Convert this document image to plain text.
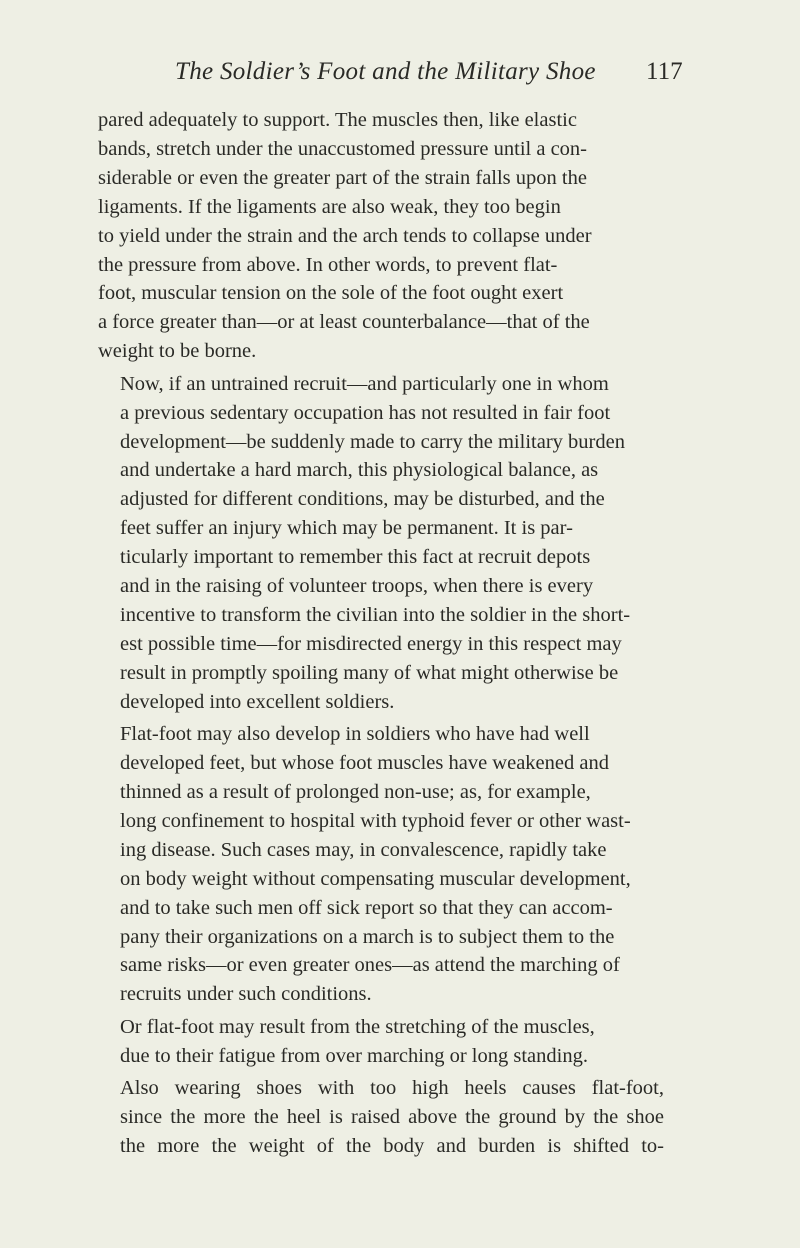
The Soldier’s Foot and the Military Shoe 117

pared adequately to support. The muscles then, like elastic
bands, stretch under the unaccustomed pressure until a con-
siderable or even the greater part of the strain falls upon the
ligaments. If the ligaments are also weak, they too begin
to yield under the strain and the arch tends to collapse under
the pressure from above. In other words, to prevent flat-
foot, muscular tension on the sole of the foot ought exert
a force greater than—or at least counterbalance—that of the
weight to be borne.

Now, if an untrained recruit—and particularly one in whom
a previous sedentary occupation has not resulted in fair foot
development—be suddenly made to carry the military burden
and undertake a hard march, this physiological balance, as
adjusted for different conditions, may be disturbed, and the
feet suffer an injury which may be permanent. It is par-
ticularly important to remember this fact at recruit depots
and in the raising of volunteer troops, when there is every
incentive to transform the civilian into the soldier in the short-
est possible time—for misdirected energy in this respect may
result in promptly spoiling many of what might otherwise be
developed into excellent soldiers.

Flat-foot may also develop in soldiers who have had well
developed feet, but whose foot muscles have weakened and
thinned as a result of prolonged non-use; as, for example,
long confinement to hospital with typhoid fever or other wast-
ing disease. Such cases may, in convalescence, rapidly take
on body weight without compensating muscular development,
and to take such men off sick report so that they can accom-
pany their organizations on a march is to subject them to the
same risks—or even greater ones—as attend the marching of
recruits under such conditions.

Or flat-foot may result from the stretching of the muscles,
due to their fatigue from over marching or long standing.

Also wearing shoes with too high heels causes flat-foot,
since the more the heel is raised above the ground by the shoe
the more the weight of the body and burden is shifted to-
